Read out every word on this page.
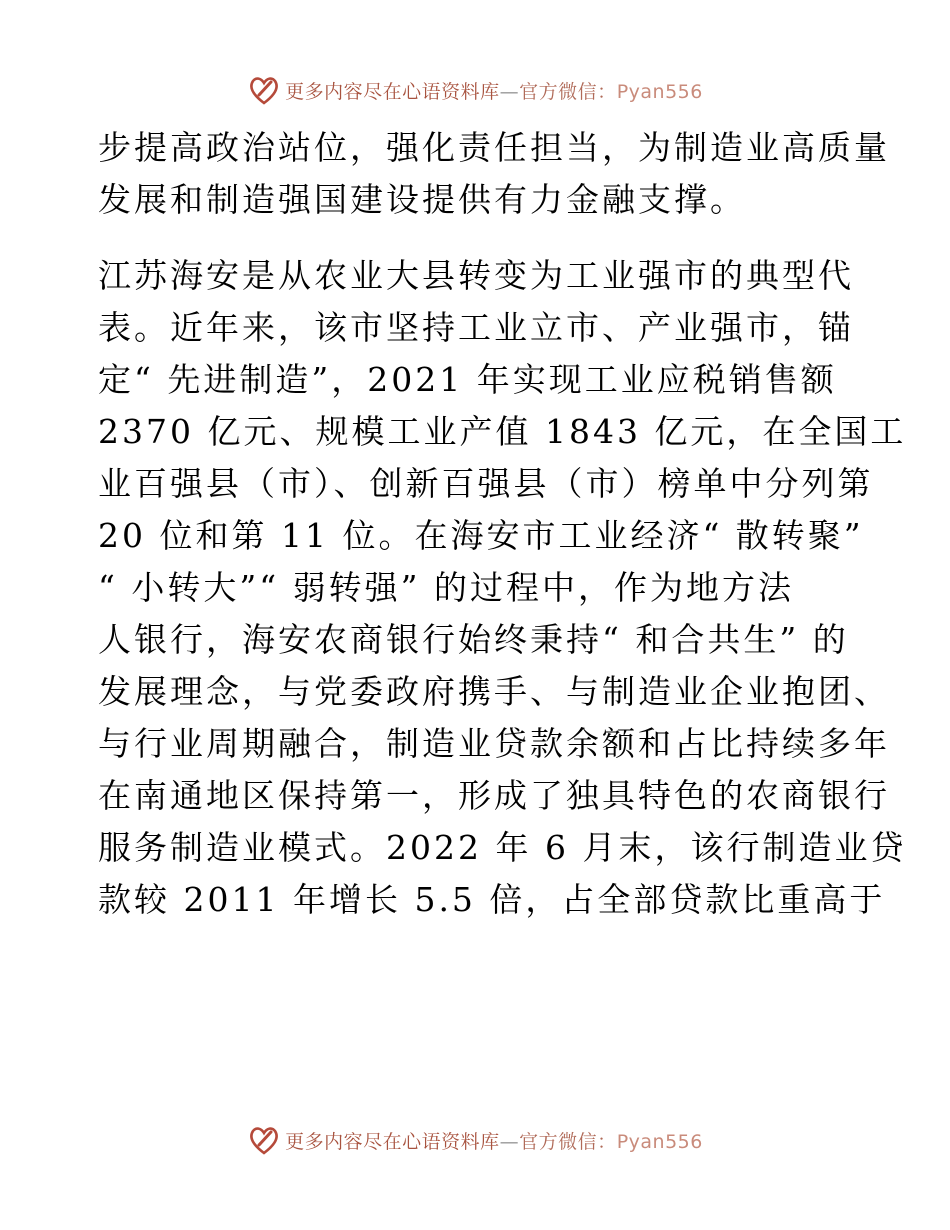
更多内容尽在心语资料库—官方微信：Pyan556

步提高政治站位，强化责任担当，为制造业高质量
发展和制造强国建设提供有力金融支撑。

江苏海安是从农业大县转变为工业强市的典型代
表。近年来，该市坚持工业立市、产业强市，锚
定“ 先进制造”，2021 年实现工业应税销售额
2370 亿元、规模工业产值 1843 亿元，在全国工
业百强县（市）、创新百强县（市）榜单中分列第
20 位和第 11 位。在海安市工业经济“ 散转聚”
“ 小转大”“ 弱转强” 的过程中，作为地方法
人银行，海安农商银行始终秉持“ 和合共生” 的
发展理念，与党委政府携手、与制造业企业抱团、
与行业周期融合，制造业贷款余额和占比持续多年
在南通地区保持第一，形成了独具特色的农商银行
服务制造业模式。2022 年 6 月末，该行制造业贷
款较 2011 年增长 5.5 倍，占全部贷款比重高于

更多内容尽在心语资料库—官方微信：Pyan556
